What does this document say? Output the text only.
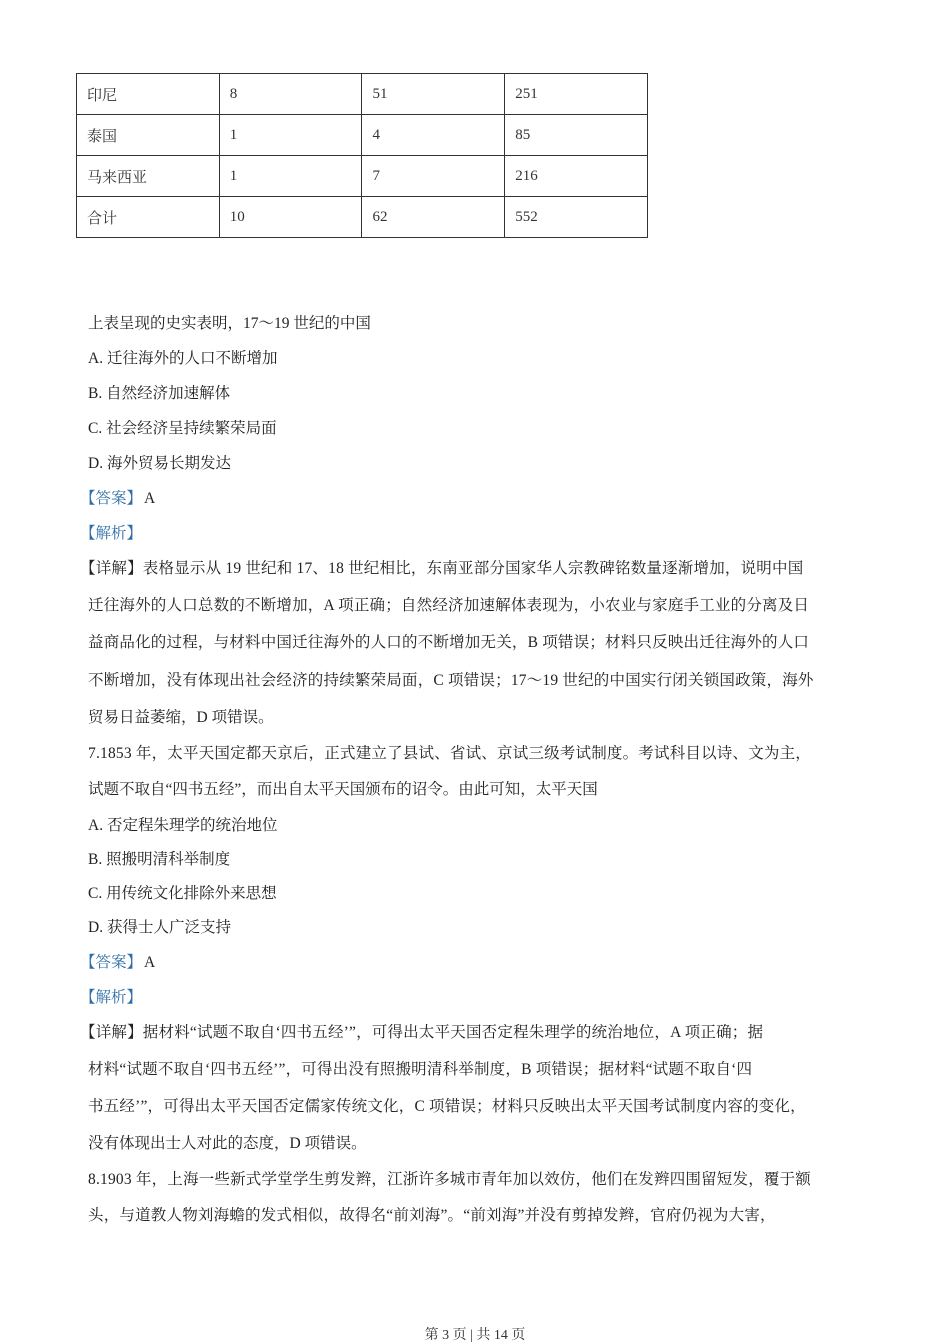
印尼	8	51	251
泰国	1	4	85
马来西亚	1	7	216
合计	10	62	552
上表呈现的史实表明，17～19 世纪的中国
A. 迁往海外的人口不断增加
B. 自然经济加速解体
C. 社会经济呈持续繁荣局面
D. 海外贸易长期发达
【答案】 A
【解析】
【详解】表格显示从 19 世纪和 17、18 世纪相比，东南亚部分国家华人宗教碑铭数量逐渐增加，说明中国
迁往海外的人口总数的不断增加，A 项正确；自然经济加速解体表现为，小农业与家庭手工业的分离及日
益商品化的过程，与材料中国迁往海外的人口的不断增加无关，B 项错误；材料只反映出迁往海外的人口
不断增加，没有体现出社会经济的持续繁荣局面，C 项错误；17～19 世纪的中国实行闭关锁国政策，海外
贸易日益萎缩，D 项错误。
7.1853 年，太平天国定都天京后，正式建立了县试、省试、京试三级考试制度。考试科目以诗、文为主，
试题不取自“四书五经”，而出自太平天国颁布的诏令。由此可知，太平天国
A. 否定程朱理学的统治地位
B. 照搬明清科举制度
C. 用传统文化排除外来思想
D. 获得士人广泛支持
【答案】 A
【解析】
【详解】据材料“试题不取自‘四书五经’”，可得出太平天国否定程朱理学的统治地位，A 项正确；据
材料“试题不取自‘四书五经’”，可得出没有照搬明清科举制度，B 项错误；据材料“试题不取自‘四
书五经’”，可得出太平天国否定儒家传统文化，C 项错误；材料只反映出太平天国考试制度内容的变化，
没有体现出士人对此的态度，D 项错误。
8.1903 年，上海一些新式学堂学生剪发辫，江浙许多城市青年加以效仿，他们在发辫四围留短发，覆于额
头，与道教人物刘海蟾的发式相似，故得名“前刘海”。“前刘海”并没有剪掉发辫，官府仍视为大害，
第 3 页 | 共 14 页
